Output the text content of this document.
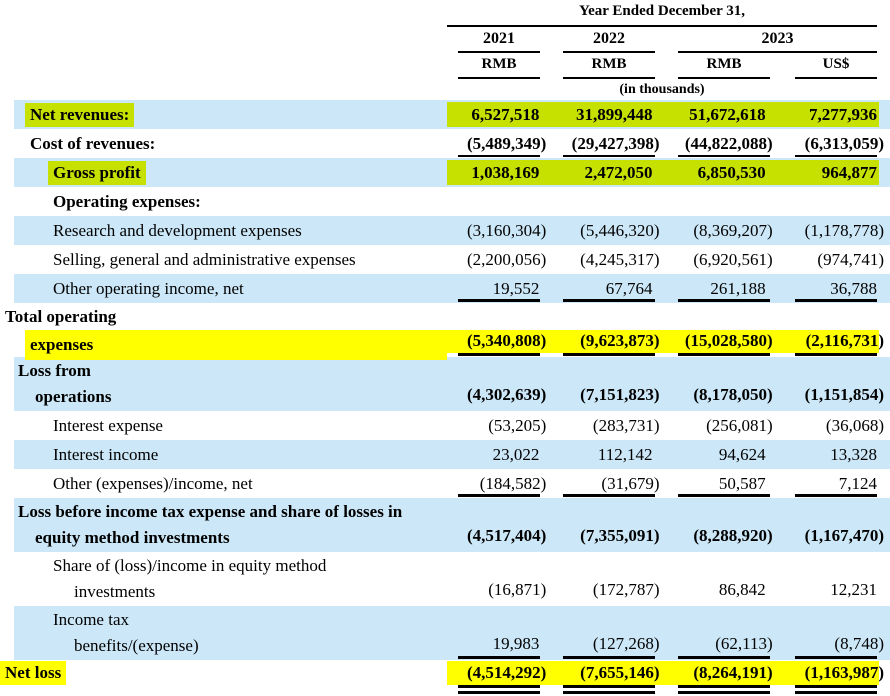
Year Ended December 31,
2021	2022	2023
RMB	RMB	RMB	US$
(in thousands)
Net revenues:	6,527,518 31,899,448 51,672,618	7,277,936
Cost of revenues:	(5,489,349) (29,427,398) (44,822,088) (6,313,059)
Gross profit	1,038,169	2,472,050	6,850,530	964,877
Operating expenses:
Research and development expenses	(3,160,304) (5,446,320) (8,369,207) (1,178,778)
Selling, general and administrative expenses	(2,200,056) (4,245,317) (6,920,561)	(974,741)
Other operating income, net	19,552	67,764	261,188	36,788
Total operating
expenses	(5,340,808) (9,623,873) (15,028,580) (2,116,731)
Loss from
operations	(4,302,639) (7,151,823) (8,178,050) (1,151,854)
Interest expense	(53,205)	(283,731)	(256,081)	(36,068)
Interest income	23,022	112,142	94,624	13,328
Other (expenses)/income, net	(184,582)	(31,679)	50,587	7,124
Loss before income tax expense and share of losses in
equity method investments	(4,517,404) (7,355,091) (8,288,920) (1,167,470)
Share of (loss)/income in equity method
investments	(16,871)	(172,787)	86,842	12,231
Income tax
benefits/(expense)	19,983	(127,268)	(62,113)	(8,748)
Net loss	(4,514,292) (7,655,146) (8,264,191) (1,163,987)
